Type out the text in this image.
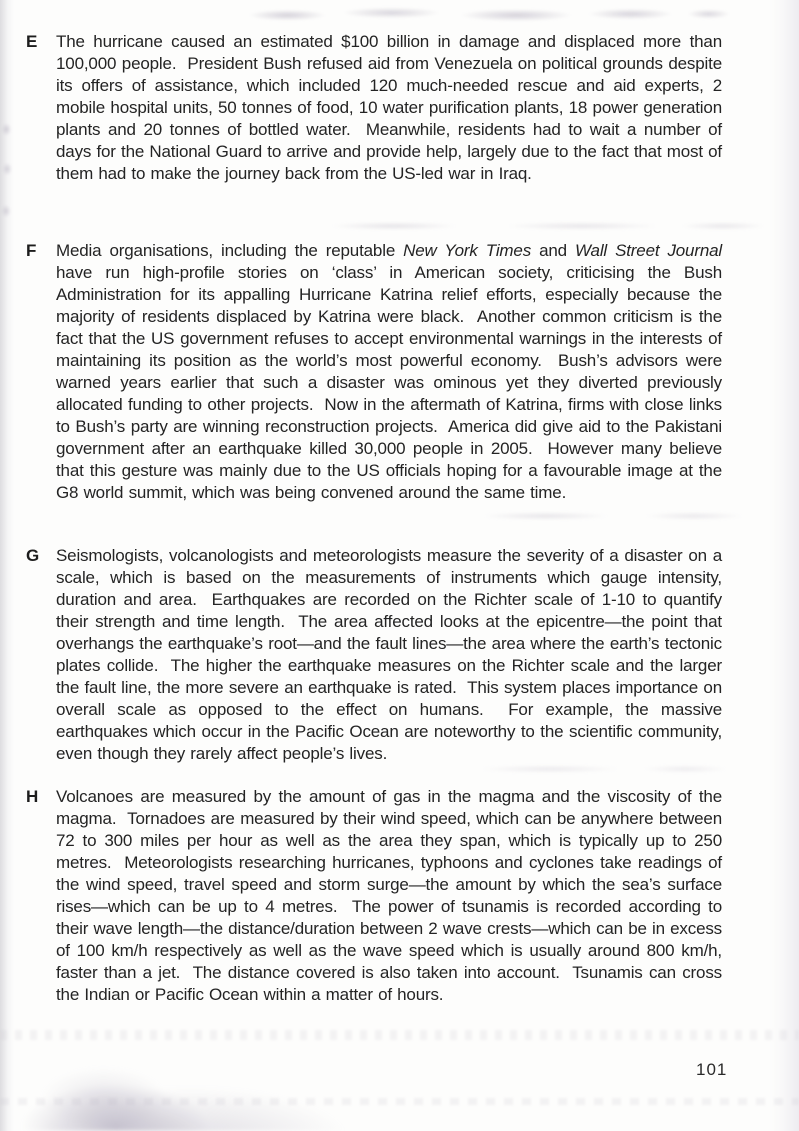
E The hurricane caused an estimated $100 billion in damage and displaced more than 100,000 people.  President Bush refused aid from Venezuela on political grounds despite its offers of assistance, which included 120 much-needed rescue and aid experts, 2 mobile hospital units, 50 tonnes of food, 10 water purification plants, 18 power generation plants and 20 tonnes of bottled water.  Meanwhile, residents had to wait a number of days for the National Guard to arrive and provide help, largely due to the fact that most of them had to make the journey back from the US-led war in Iraq.

F Media organisations, including the reputable New York Times and Wall Street Journal have run high-profile stories on ‘class’ in American society, criticising the Bush Administration for its appalling Hurricane Katrina relief efforts, especially because the majority of residents displaced by Katrina were black.  Another common criticism is the fact that the US government refuses to accept environmental warnings in the interests of maintaining its position as the world’s most powerful economy.  Bush’s advisors were warned years earlier that such a disaster was ominous yet they diverted previously allocated funding to other projects.  Now in the aftermath of Katrina, firms with close links to Bush’s party are winning reconstruction projects.  America did give aid to the Pakistani government after an earthquake killed 30,000 people in 2005.  However many believe that this gesture was mainly due to the US officials hoping for a favourable image at the G8 world summit, which was being convened around the same time.

G Seismologists, volcanologists and meteorologists measure the severity of a disaster on a scale, which is based on the measurements of instruments which gauge intensity, duration and area.  Earthquakes are recorded on the Richter scale of 1-10 to quantify their strength and time length.  The area affected looks at the epicentre—the point that overhangs the earthquake’s root—and the fault lines—the area where the earth’s tectonic plates collide.  The higher the earthquake measures on the Richter scale and the larger the fault line, the more severe an earthquake is rated.  This system places importance on overall scale as opposed to the effect on humans.  For example, the massive earthquakes which occur in the Pacific Ocean are noteworthy to the scientific community, even though they rarely affect people’s lives.

H Volcanoes are measured by the amount of gas in the magma and the viscosity of the magma.  Tornadoes are measured by their wind speed, which can be anywhere between 72 to 300 miles per hour as well as the area they span, which is typically up to 250 metres.  Meteorologists researching hurricanes, typhoons and cyclones take readings of the wind speed, travel speed and storm surge—the amount by which the sea’s surface rises—which can be up to 4 metres.  The power of tsunamis is recorded according to their wave length—the distance/duration between 2 wave crests—which can be in excess of 100 km/h respectively as well as the wave speed which is usually around 800 km/h, faster than a jet.  The distance covered is also taken into account.  Tsunamis can cross the Indian or Pacific Ocean within a matter of hours.

101
